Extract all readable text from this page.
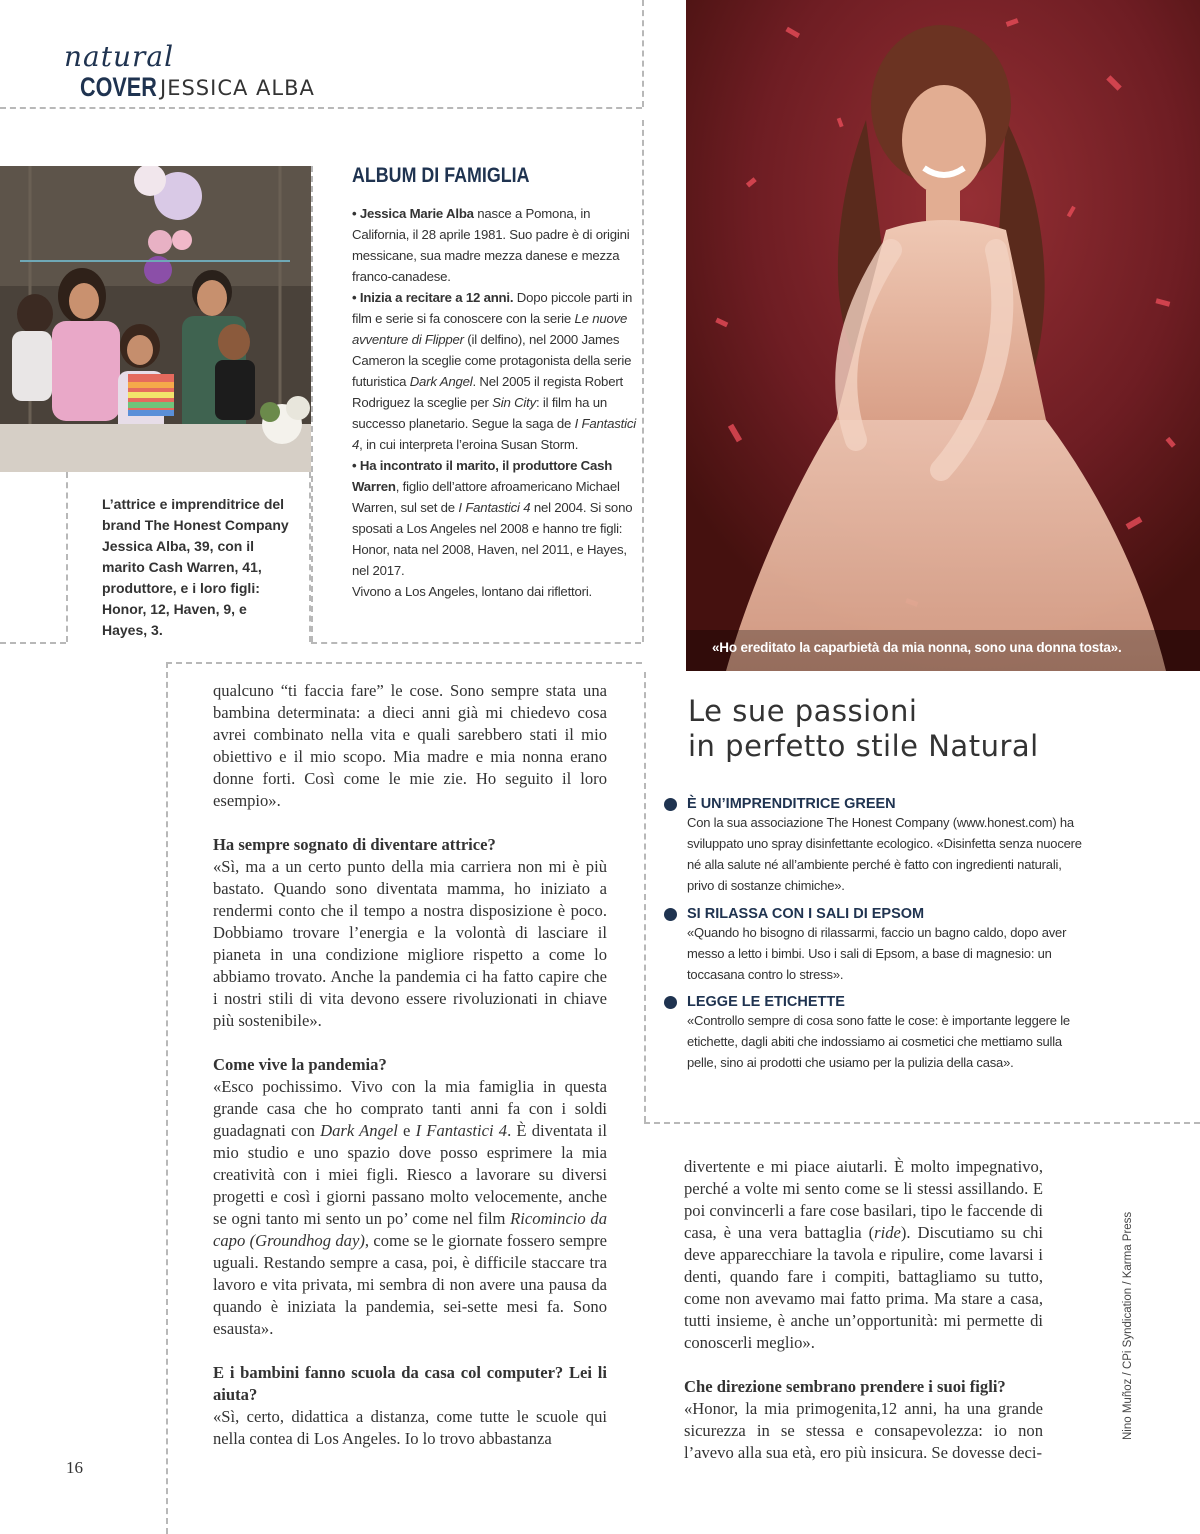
natural
COVER JESSICA ALBA
L’attrice e imprenditrice del brand The Honest Company Jessica Alba, 39, con il marito Cash Warren, 41, produttore, e i loro figli: Honor, 12, Haven, 9, e Hayes, 3.
ALBUM DI FAMIGLIA

• Jessica Marie Alba nasce a Pomona, in California, il 28 aprile 1981. Suo padre è di origini messicane, sua madre mezza danese e mezza franco-canadese.

• Inizia a recitare a 12 anni. Dopo piccole parti in film e serie si fa conoscere con la serie Le nuove avventure di Flipper (il delfino), nel 2000 James Cameron la sceglie come protagonista della serie futuristica Dark Angel. Nel 2005 il regista Robert Rodriguez la sceglie per Sin City: il film ha un successo planetario. Segue la saga de I Fantastici 4, in cui interpreta l’eroina Susan Storm.

• Ha incontrato il marito, il produttore Cash Warren, figlio dell’attore afroamericano Michael Warren, sul set de I Fantastici 4 nel 2004. Si sono sposati a Los Angeles nel 2008 e hanno tre figli: Honor, nata nel 2008, Haven, nel 2011, e Hayes, nel 2017.

Vivono a Los Angeles, lontano dai riflettori.

«Ho ereditato la caparbietà da mia nonna, sono una donna tosta».
Le sue passioni
in perfetto stile Natural
È UN’IMPRENDITRICE GREEN
Con la sua associazione The Honest Company (www.honest.com) ha sviluppato uno spray disinfettante ecologico. «Disinfetta senza nuocere né alla salute né all’ambiente perché è fatto con ingredienti naturali, privo di sostanze chimiche».
SI RILASSA CON I SALI DI EPSOM
«Quando ho bisogno di rilassarmi, faccio un bagno caldo, dopo aver messo a letto i bimbi. Uso i sali di Epsom, a base di magnesio: un toccasana contro lo stress».
LEGGE LE ETICHETTE
«Controllo sempre di cosa sono fatte le cose: è importante leggere le etichette, dagli abiti che indossiamo ai cosmetici che mettiamo sulla pelle, sino ai prodotti che usiamo per la pulizia della casa».

qualcuno “ti faccia fare” le cose. Sono sempre stata una bambina determinata: a dieci anni già mi chiedevo cosa avrei combinato nella vita e quali sarebbero stati il mio obiettivo e il mio scopo. Mia madre e mia nonna erano donne forti. Così come le mie zie. Ho seguito il loro esempio».

Ha sempre sognato di diventare attrice?

«Sì, ma a un certo punto della mia carriera non mi è più bastato. Quando sono diventata mamma, ho iniziato a rendermi conto che il tempo a nostra disposizione è poco. Dobbiamo trovare l’energia e la volontà di lasciare il pianeta in una condizione migliore rispetto a come lo abbiamo trovato. Anche la pandemia ci ha fatto capire che i nostri stili di vita devono essere rivoluzionati in chiave più sostenibile».

Come vive la pandemia?

«Esco pochissimo. Vivo con la mia famiglia in questa grande casa che ho comprato tanti anni fa con i soldi guadagnati con Dark Angel e I Fantastici 4. È diventata il mio studio e uno spazio dove posso esprimere la mia creatività con i miei figli. Riesco a lavorare su diversi progetti e così i giorni passano molto velocemente, anche se ogni tanto mi sento un po’ come nel film Ricomincio da capo (Groundhog day), come se le giornate fossero sempre uguali. Restando sempre a casa, poi, è difficile staccare tra lavoro e vita privata, mi sembra di non avere una pausa da quando è iniziata la pandemia, sei-sette mesi fa. Sono esausta».

E i bambini fanno scuola da casa col computer? Lei li aiuta?

«Sì, certo, didattica a distanza, come tutte le scuole qui nella contea di Los Angeles. Io lo trovo abbastanza

divertente e mi piace aiutarli. È molto impegnativo, perché a volte mi sento come se li stessi assillando. E poi convincerli a fare cose basilari, tipo le faccende di casa, è una vera battaglia (ride). Discutiamo su chi deve apparecchiare la tavola e ripulire, come lavarsi i denti, quando fare i compiti, battagliamo su tutto, come non avevamo mai fatto prima. Ma stare a casa, tutti insieme, è anche un’opportunità: mi permette di conoscerli meglio».

Che direzione sembrano prendere i suoi figli?

«Honor, la mia primogenita,12 anni, ha una grande sicurezza in se stessa e consapevolezza: io non l’avevo alla sua età, ero più insicura. Se dovesse deci-

16
Nino Muñoz / CPi Syndication / Karma Press
